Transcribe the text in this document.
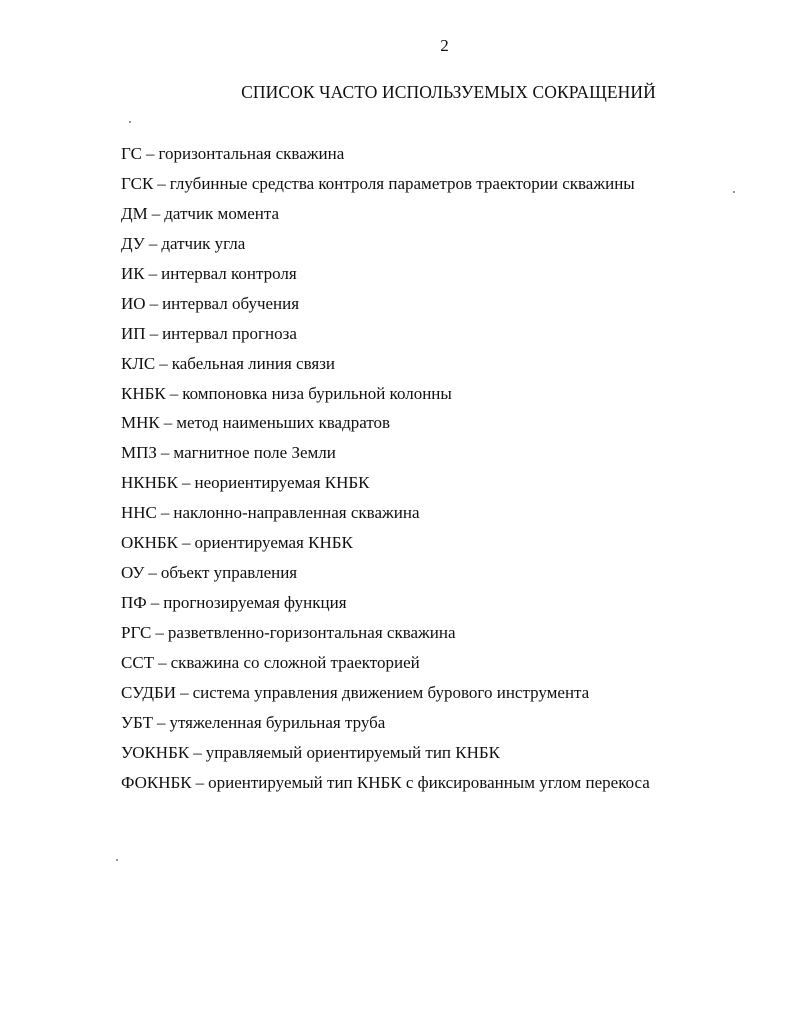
2
СПИСОК ЧАСТО ИСПОЛЬЗУЕМЫХ СОКРАЩЕНИЙ
ГС – горизонтальная скважина
ГСК – глубинные средства контроля параметров траектории скважины
ДМ – датчик момента
ДУ – датчик угла
ИК – интервал контроля
ИО – интервал обучения
ИП – интервал прогноза
КЛС – кабельная линия связи
КНБК – компоновка низа бурильной колонны
МНК – метод наименьших квадратов
МПЗ – магнитное поле Земли
НКНБК – неориентируемая КНБК
ННС – наклонно-направленная скважина
ОКНБК – ориентируемая КНБК
ОУ – объект управления
ПФ – прогнозируемая функция
РГС – разветвленно-горизонтальная скважина
ССТ – скважина со сложной траекторией
СУДБИ – система управления движением бурового инструмента
УБТ – утяжеленная бурильная труба
УОКНБК – управляемый ориентируемый тип КНБК
ФОКНБК – ориентируемый тип КНБК с фиксированным углом перекоса
